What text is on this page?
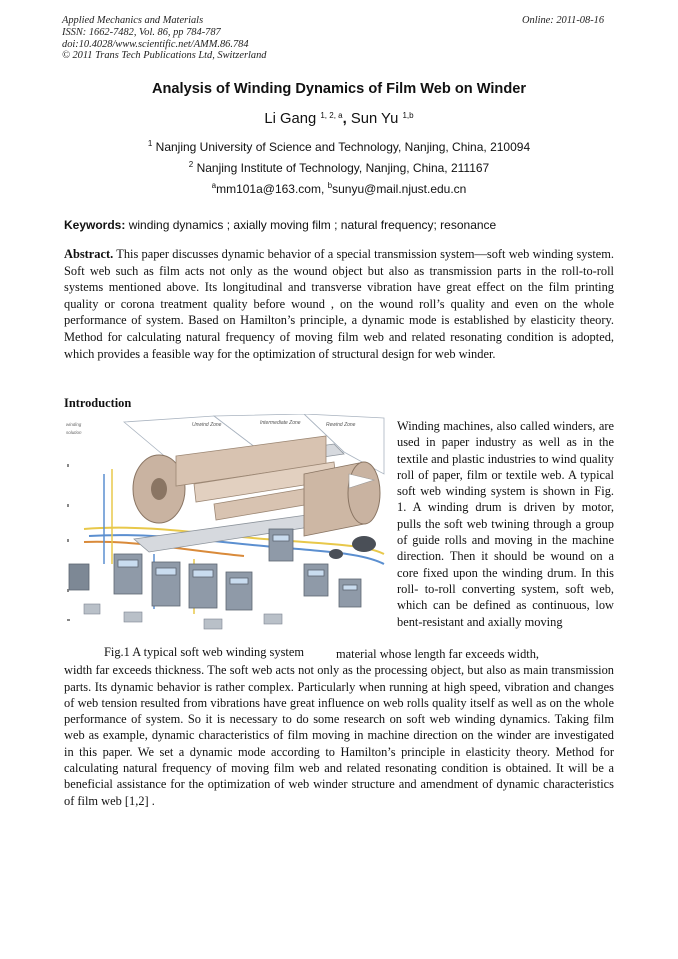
Applied Mechanics and Materials
ISSN: 1662-7482, Vol. 86, pp 784-787
doi:10.4028/www.scientific.net/AMM.86.784
© 2011 Trans Tech Publications Ltd, Switzerland
Online: 2011-08-16
Analysis of Winding Dynamics of Film Web on Winder
Li Gang $^{1, 2, a}$, Sun Yu $^{1,b}$
$^1$ Nanjing University of Science and Technology, Nanjing, China, 210094
$^2$ Nanjing Institute of Technology, Nanjing, China, 211167
$^a$mm101a@163.com, $^b$sunyu@mail.njust.edu.cn
Keywords: winding dynamics ; axially moving film ; natural frequency; resonance
Abstract. This paper discusses dynamic behavior of a special transmission system—soft web winding system. Soft web such as film acts not only as the wound object but also as transmission parts in the roll-to-roll systems mentioned above. Its longitudinal and transverse vibration have great effect on the film printing quality or corona treatment quality before wound , on the wound roll’s quality and even on the whole performance of system. Based on Hamilton’s principle, a dynamic mode is established by elasticity theory. Method for calculating natural frequency of moving film web and related resonating condition is adopted, which provides a feasible way for the optimization of structural design for web winder.
Introduction
Unwind Zone	Intermediate Zone	Rewind Zone
winding
solution
Fig.1 A typical soft web winding system
Winding machines, also called winders, are used in paper industry as well as in the textile and plastic industries to wind quality roll of paper, film or textile web. A typical soft web winding system is shown in Fig. 1. A winding drum is driven by motor, pulls the soft web twining through a group of guide rolls and moving in the machine direction. Then it should be wound on a core fixed upon the winding drum. In this roll- to-roll converting system, soft web, which can be defined as continuous, low bent-resistant and axially moving
material whose length far exceeds width,
width far exceeds thickness. The soft web acts not only as the processing object, but also as main transmission parts. Its dynamic behavior is rather complex. Particularly when running at high speed, vibration and changes of web tension resulted from vibrations have great influence on web rolls quality itself as well as on the whole performance of system. So it is necessary to do some research on soft web winding dynamics. Taking film web as example, dynamic characteristics of film moving in machine direction on the winder are investigated in this paper. We set a dynamic mode according to Hamilton’s principle in elasticity theory. Method for calculating natural frequency of moving film web and related resonating condition is obtained. It will be a beneficial assistance for the optimization of web winder structure and amendment of dynamic characteristics of film web [1,2] .
